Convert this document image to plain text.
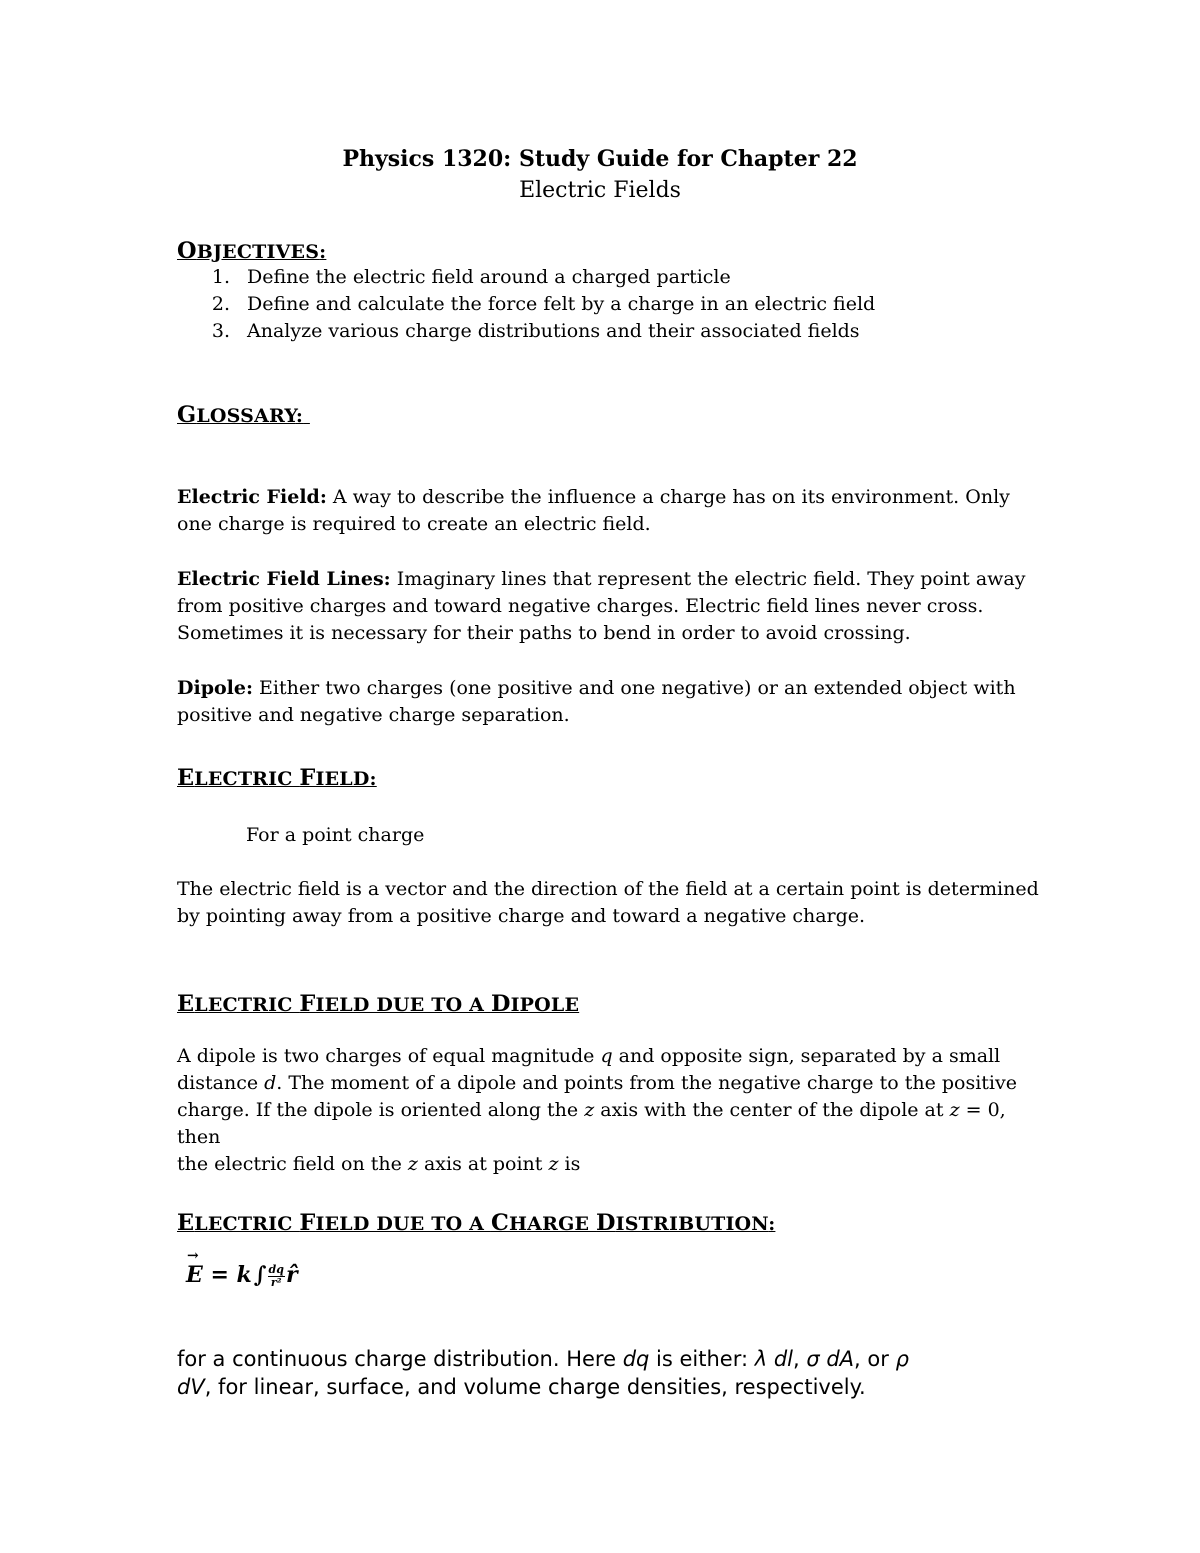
Physics 1320: Study Guide for Chapter 22
Electric Fields
OBJECTIVES:
1. Define the electric field around a charged particle
2. Define and calculate the force felt by a charge in an electric field
3. Analyze various charge distributions and their associated fields
GLOSSARY:
Electric Field: A way to describe the influence a charge has on its environment. Only
one charge is required to create an electric field.
Electric Field Lines: Imaginary lines that represent the electric field. They point away
from positive charges and toward negative charges. Electric field lines never cross.
Sometimes it is necessary for their paths to bend in order to avoid crossing.
Dipole: Either two charges (one positive and one negative) or an extended object with
positive and negative charge separation.
ELECTRIC FIELD:
For a point charge
The electric field is a vector and the direction of the field at a certain point is determined
by pointing away from a positive charge and toward a negative charge.
ELECTRIC FIELD DUE TO A DIPOLE
A dipole is two charges of equal magnitude q and opposite sign, separated by a small
distance d. The moment of a dipole and points from the negative charge to the positive
charge. If the dipole is oriented along the z axis with the center of the dipole at z = 0, then
the electric field on the z axis at point z is
ELECTRIC FIELD DUE TO A CHARGE DISTRIBUTION:
→
$E = k\int \frac{dq}{\text{r²}}$ r̂
for a continuous charge distribution. Here dq is either: λ dl, σ dA, or ρ
dV, for linear, surface, and volume charge densities, respectively.
